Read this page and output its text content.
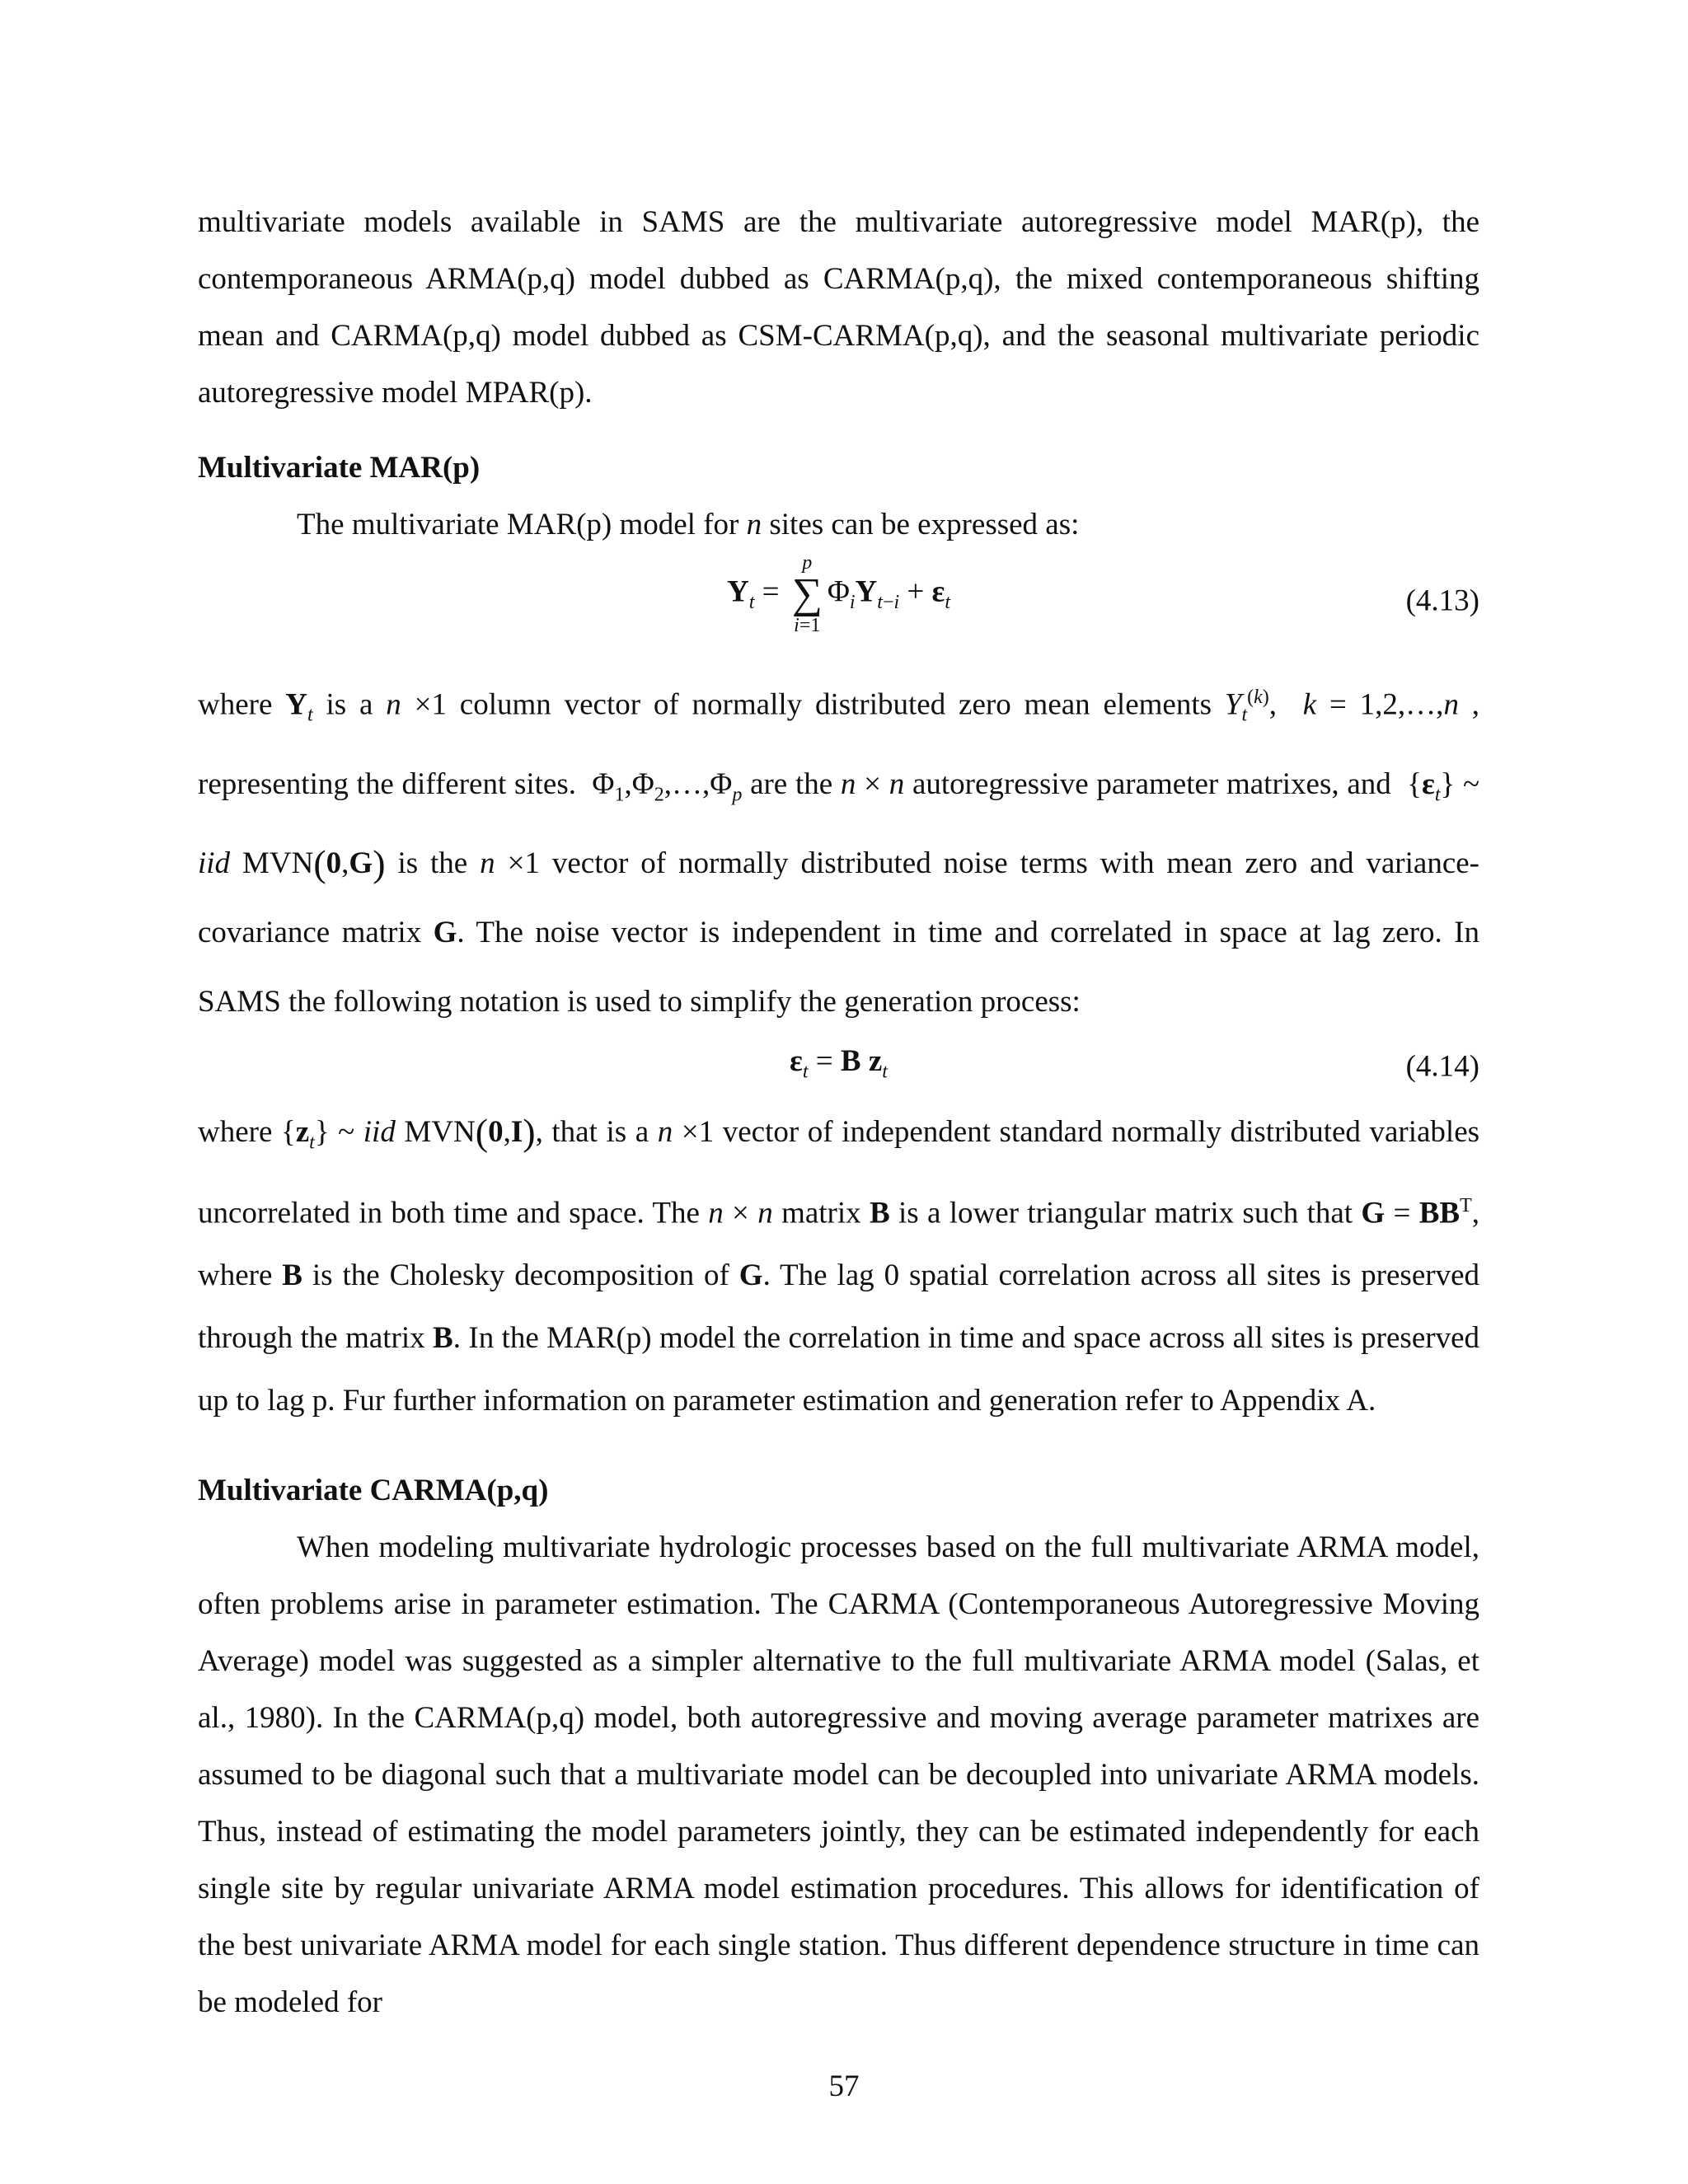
multivariate models available in SAMS are the multivariate autoregressive model MAR(p), the contemporaneous ARMA(p,q) model dubbed as CARMA(p,q), the mixed contemporaneous shifting mean and CARMA(p,q) model dubbed as CSM-CARMA(p,q), and the seasonal multivariate periodic autoregressive model MPAR(p).

Multivariate MAR(p)

The multivariate MAR(p) model for n sites can be expressed as:

$Y_t$ =
p
∑
i=1
$\Phi_iY_{t-i} + \varepsilon_t$	(4.13)

where $Y_t$ is a n ×1 column vector of normally distributed zero mean elements $Y_t^{(k)}$,  k = 1,2,…,n , representing the different sites.  $\Phi_1,\Phi_2,\dots,\Phi_p$ are the n × n autoregressive parameter matrixes, and  $\{\varepsilon_t\}$ ~ iid MVN(0,G) is the n ×1 vector of normally distributed noise terms with mean zero and variance-covariance matrix G. The noise vector is independent in time and correlated in space at lag zero. In SAMS the following notation is used to simplify the generation process:

$\varepsilon_t = B$ $z_t$	(4.14)

where $\{z_t\}$ ~ iid MVN(0,I), that is a n ×1 vector of independent standard normally distributed variables uncorrelated in both time and space. The n × n matrix B is a lower triangular matrix such that $G = BB^T$, where B is the Cholesky decomposition of G. The lag 0 spatial correlation across all sites is preserved through the matrix B. In the MAR(p) model the correlation in time and space across all sites is preserved up to lag p. Fur further information on parameter estimation and generation refer to Appendix A.

Multivariate CARMA(p,q)

When modeling multivariate hydrologic processes based on the full multivariate ARMA model, often problems arise in parameter estimation. The CARMA (Contemporaneous Autoregressive Moving Average) model was suggested as a simpler alternative to the full multivariate ARMA model (Salas, et al., 1980). In the CARMA(p,q) model, both autoregressive and moving average parameter matrixes are assumed to be diagonal such that a multivariate model can be decoupled into univariate ARMA models. Thus, instead of estimating the model parameters jointly, they can be estimated independently for each single site by regular univariate ARMA model estimation procedures. This allows for identification of the best univariate ARMA model for each single station. Thus different dependence structure in time can be modeled for

57
